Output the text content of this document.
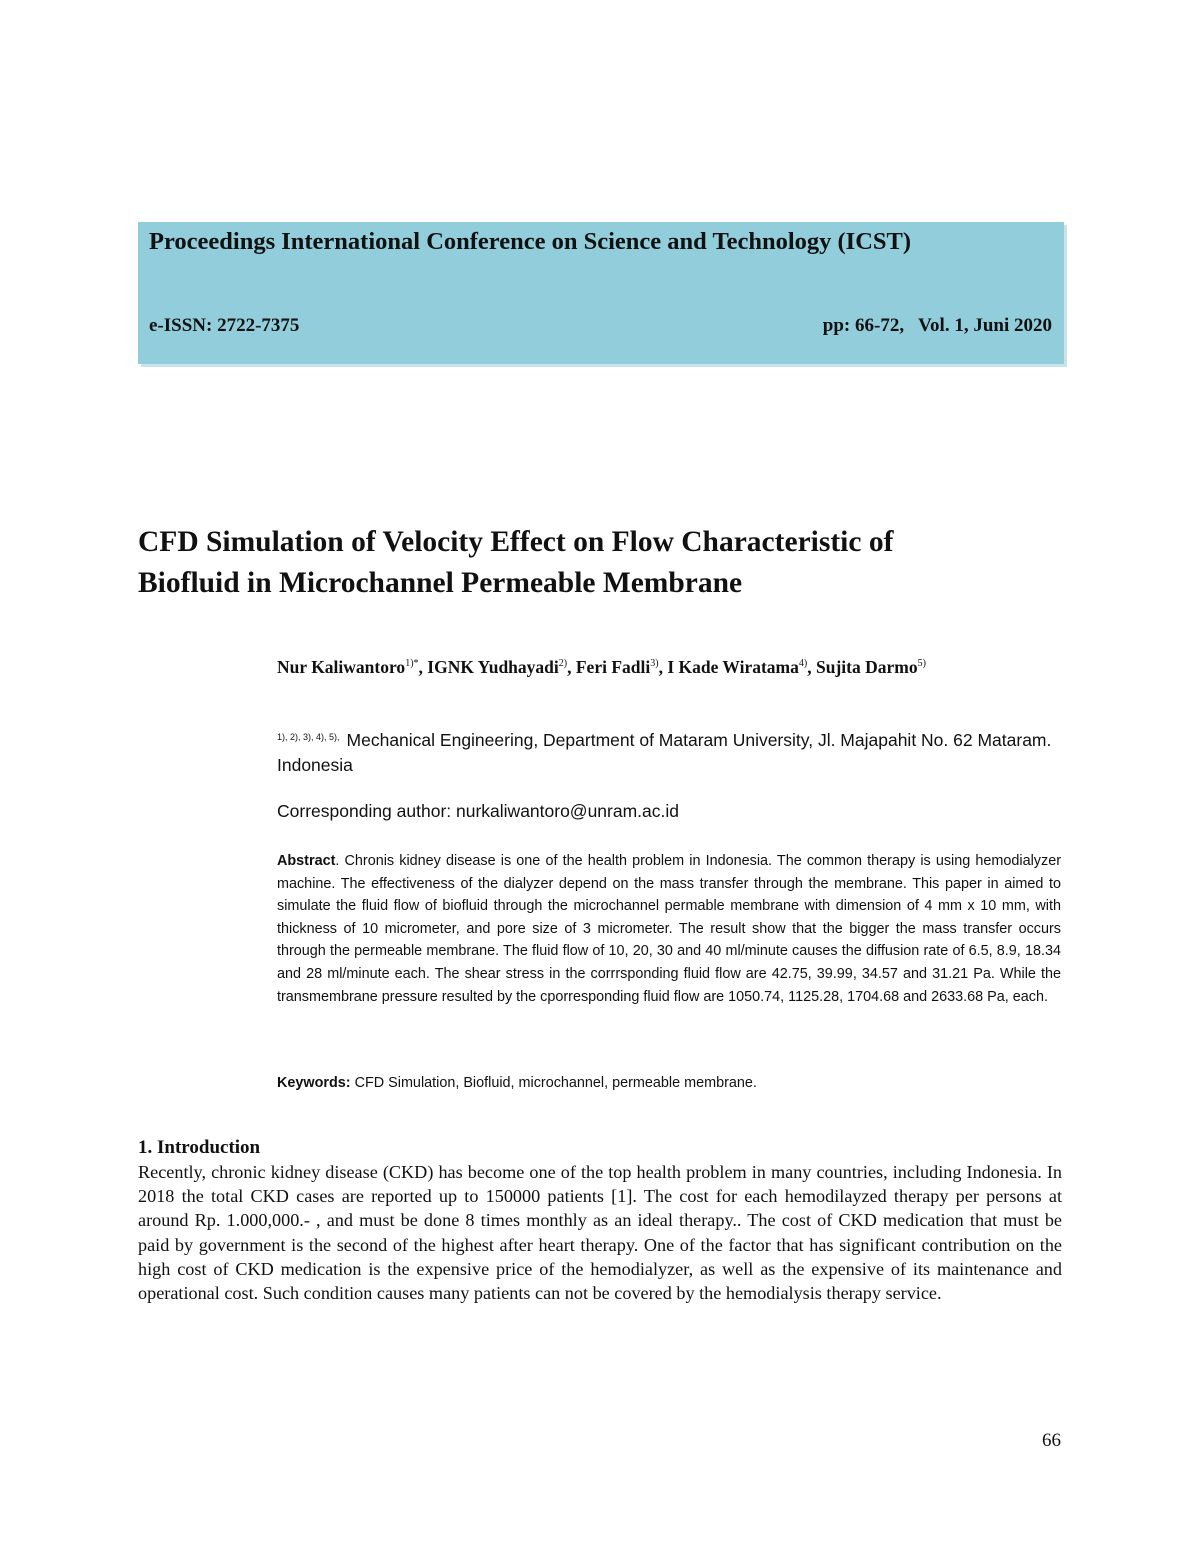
Proceedings International Conference on Science and Technology (ICST)
e-ISSN: 2722-7375	pp: 66-72, Vol. 1, Juni 2020
CFD Simulation of Velocity Effect on Flow Characteristic of
Biofluid in Microchannel Permeable Membrane
Nur Kaliwantoro$^{1)*}$, IGNK Yudhayadi$^{2)}$, Feri Fadli$^{3)}$, I Kade Wiratama$^{4)}$, Sujita Darmo$^{5)}$
$^{1), 2), 3), 4), 5),}$ Mechanical Engineering, Department of Mataram University, Jl. Majapahit No. 62 Mataram. Indonesia
Corresponding author: nurkaliwantoro@unram.ac.id

Abstract. Chronis kidney disease is one of the health problem in Indonesia. The common therapy is using hemodialyzer machine. The effectiveness of the dialyzer depend on the mass transfer through the membrane. This paper in aimed to simulate the fluid flow of biofluid through the microchannel permable membrane with dimension of 4 mm x 10 mm, with thickness of 10 micrometer, and pore size of 3 micrometer. The result show that the bigger the mass transfer occurs through the permeable membrane. The fluid flow of 10, 20, 30 and 40 ml/minute causes the diffusion rate of 6.5, 8.9, 18.34 and 28 ml/minute each. The shear stress in the corrrsponding fluid flow are 42.75, 39.99, 34.57 and 31.21 Pa. While the transmembrane pressure resulted by the cporresponding fluid flow are 1050.74, 1125.28, 1704.68 and 2633.68 Pa, each.

Keywords: CFD Simulation, Biofluid, microchannel, permeable membrane.
1. Introduction

Recently, chronic kidney disease (CKD) has become one of the top health problem in many countries, including Indonesia. In 2018 the total CKD cases are reported up to 150000 patients [1]. The cost for each hemodilayzed therapy per persons at around Rp. 1.000,000.- , and must be done 8 times monthly as an ideal therapy.. The cost of CKD medication that must be paid by government is the second of the highest after heart therapy. One of the factor that has significant contribution on the high cost of CKD medication is the expensive price of the hemodialyzer, as well as the expensive of its maintenance and operational cost. Such condition causes many patients can not be covered by the hemodialysis therapy service.

66
